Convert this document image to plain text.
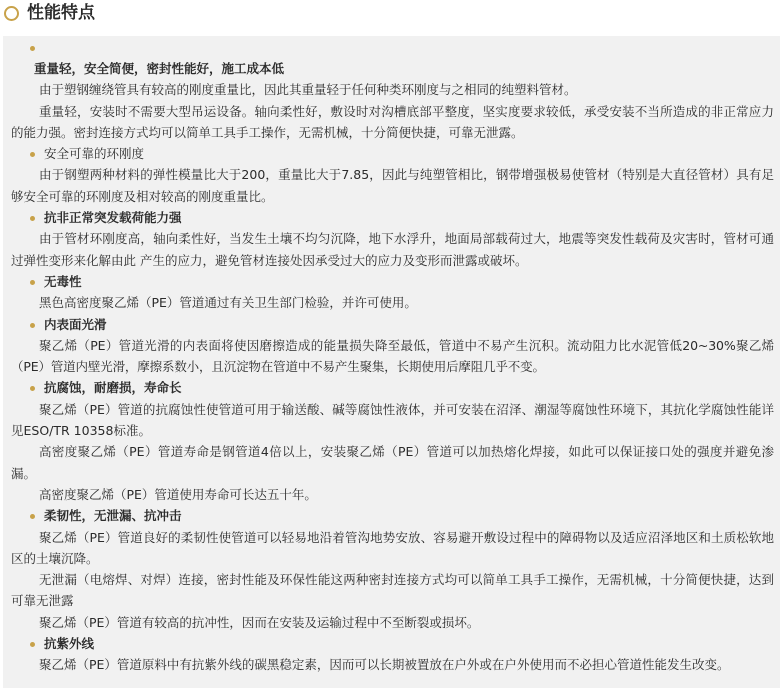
性能特点
重量轻，安全简便，密封性能好，施工成本低
由于塑钢缠绕管具有较高的刚度重量比，因此其重量轻于任何种类环刚度与之相同的纯塑料管材。
重量轻，安装时不需要大型吊运设备。轴向柔性好，敷设时对沟槽底部平整度，坚实度要求较低，承受安装不当所造成的非正常应力的能力强。密封连接方式均可以简单工具手工操作，无需机械，十分简便快捷，可靠无泄露。
安全可靠的环刚度
由于钢塑两种材料的弹性模量比大于200，重量比大于7.85，因此与纯塑管相比，钢带增强极易使管材（特别是大直径管材）具有足够安全可靠的环刚度及相对较高的刚度重量比。
抗非正常突发载荷能力强
由于管材环刚度高，轴向柔性好，当发生土壤不均匀沉降，地下水浮升，地面局部载荷过大，地震等突发性载荷及灾害时，管材可通过弹性变形来化解由此 产生的应力，避免管材连接处因承受过大的应力及变形而泄露或破坏。
无毒性
黑色高密度聚乙烯（PE）管道通过有关卫生部门检验，并许可使用。
内表面光滑
聚乙烯（PE）管道光滑的内表面将使因磨擦造成的能量损失降至最低，管道中不易产生沉积。流动阻力比水泥管低20~30%聚乙烯（PE）管道内壁光滑，摩擦系数小，且沉淀物在管道中不易产生聚集，长期使用后摩阻几乎不变。
抗腐蚀，耐磨损，寿命长
聚乙烯（PE）管道的抗腐蚀性使管道可用于输送酸、碱等腐蚀性液体，并可安装在沼泽、潮湿等腐蚀性环境下，其抗化学腐蚀性能详见ESO/TR 10358标准。
高密度聚乙烯（PE）管道寿命是钢管道4倍以上，安装聚乙烯（PE）管道可以加热熔化焊接，如此可以保证接口处的强度并避免渗漏。
高密度聚乙烯（PE）管道使用寿命可长达五十年。
柔韧性，无泄漏、抗冲击
聚乙烯（PE）管道良好的柔韧性使管道可以轻易地沿着管沟地势安放、容易避开敷设过程中的障碍物以及适应沼泽地区和土质松软地区的土壤沉降。
无泄漏（电熔焊、对焊）连接，密封性能及环保性能这两种密封连接方式均可以简单工具手工操作，无需机械，十分简便快捷，达到可靠无泄露
聚乙烯（PE）管道有较高的抗冲性，因而在安装及运输过程中不至断裂或损坏。
抗紫外线
聚乙烯（PE）管道原料中有抗紫外线的碳黑稳定素，因而可以长期被置放在户外或在户外使用而不必担心管道性能发生改变。
